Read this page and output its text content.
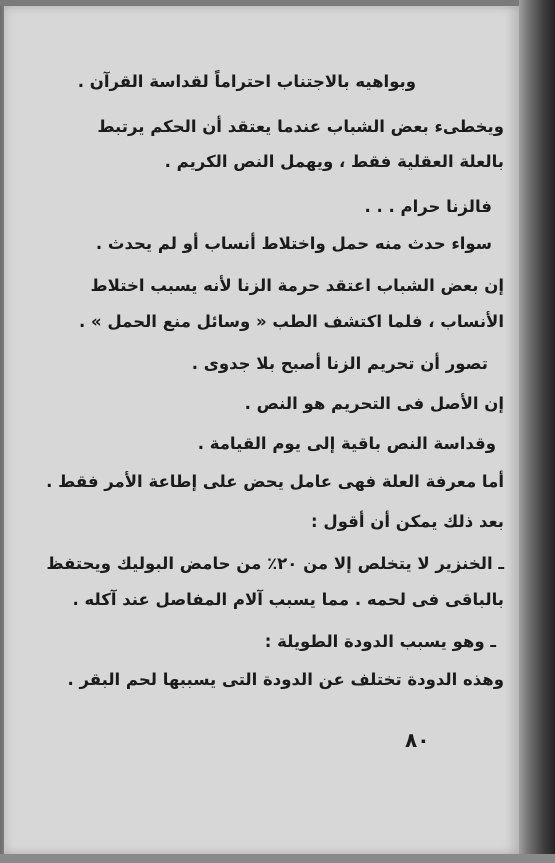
وبواهيه بالاجتناب احتراماً لقداسة القرآن .
ويخطىء بعض الشباب عندما يعتقد أن الحكم يرتبط
بالعلة العقلية فقط ، ويهمل النص الكريم .
فالزنا حرام . . .
سواء حدث منه حمل واختلاط أنساب أو لم يحدث .
إن بعض الشباب اعتقد حرمة الزنا لأنه يسبب اختلاط
الأنساب ، فلما اكتشف الطب « وسائل منع الحمل » .
تصور أن تحريم الزنا أصبح بلا جدوى .
إن الأصل فى التحريم هو النص .
وقداسة النص باقية إلى يوم القيامة .
أما معرفة العلة فهى عامل يحض على إطاعة الأمر فقط .
بعد ذلك يمكن أن أقول :
ـ الخنزير لا يتخلص إلا من ٢٠٪ من حامض البوليك ويحتفظ
بالباقى فى لحمه . مما يسبب آلام المفاصل عند آكله .
ـ وهو يسبب الدودة الطويلة :
وهذه الدودة تختلف عن الدودة التى يسببها لحم البقر .
٨٠
